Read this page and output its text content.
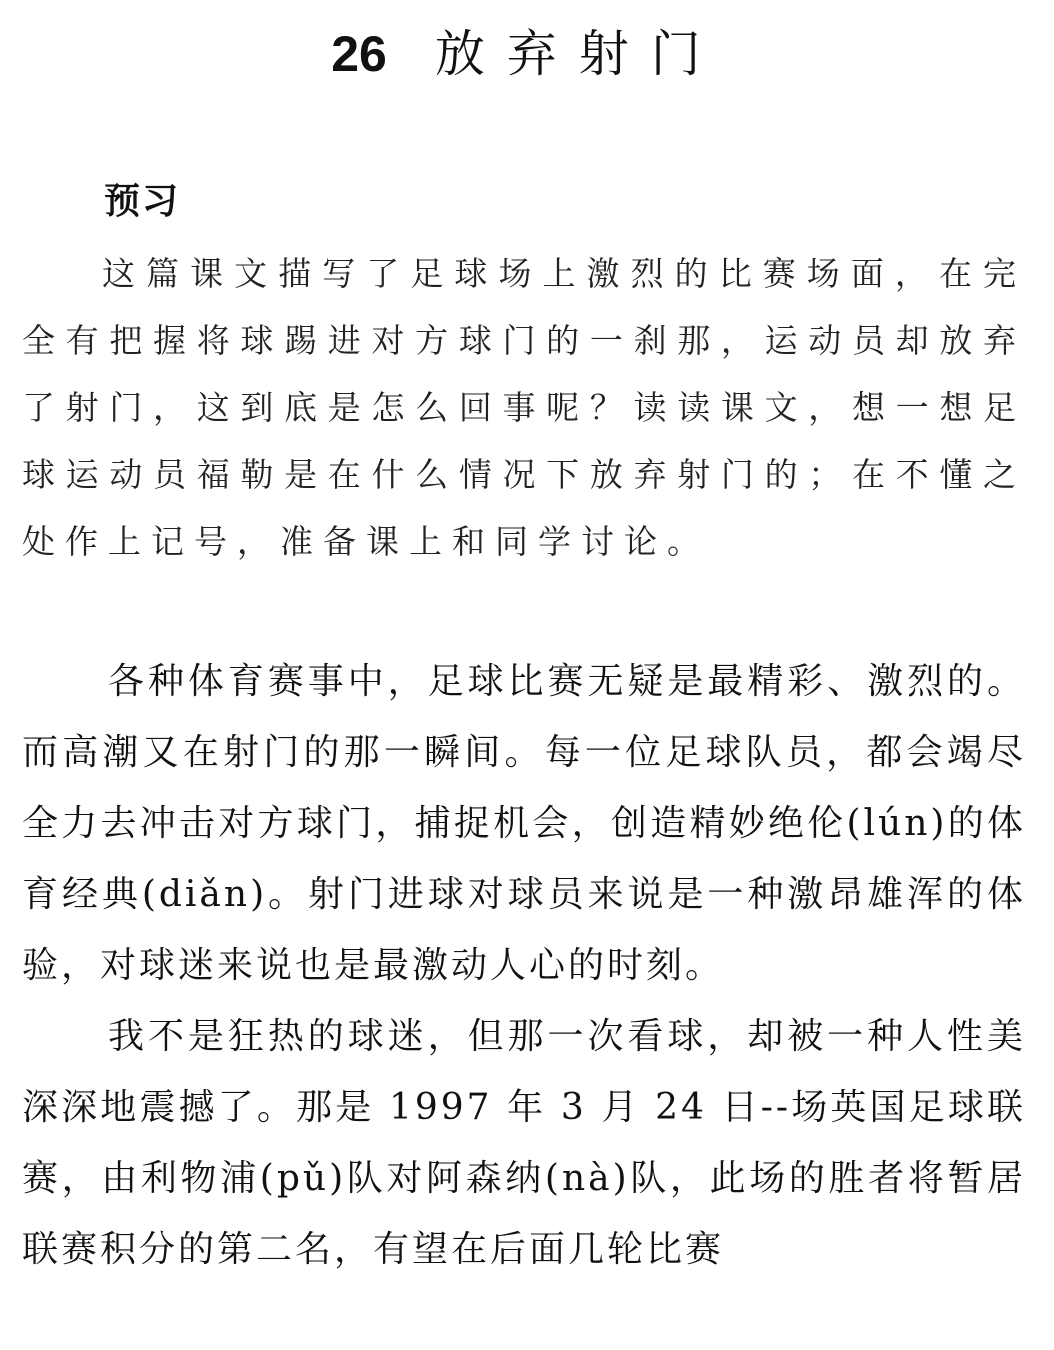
26 放弃射门
预习

这篇课文描写了足球场上激烈的比赛场面，在完全有把握将球踢进对方球门的一刹那，运动员却放弃了射门，这到底是怎么回事呢？读读课文，想一想足球运动员福勒是在什么情况下放弃射门的；在不懂之处作上记号，准备课上和同学讨论。

各种体育赛事中，足球比赛无疑是最精彩、激烈的。而高潮又在射门的那一瞬间。每一位足球队员，都会竭尽全力去冲击对方球门，捕捉机会，创造精妙绝伦(lún)的体育经典(diǎn)。射门进球对球员来说是一种激昂雄浑的体验，对球迷来说也是最激动人心的时刻。

我不是狂热的球迷，但那一次看球，却被一种人性美深深地震撼了。那是 1997 年 3 月 24 日--场英国足球联赛，由利物浦(pǔ)队对阿森纳(nà)队，此场的胜者将暂居联赛积分的第二名，有望在后面几轮比赛
